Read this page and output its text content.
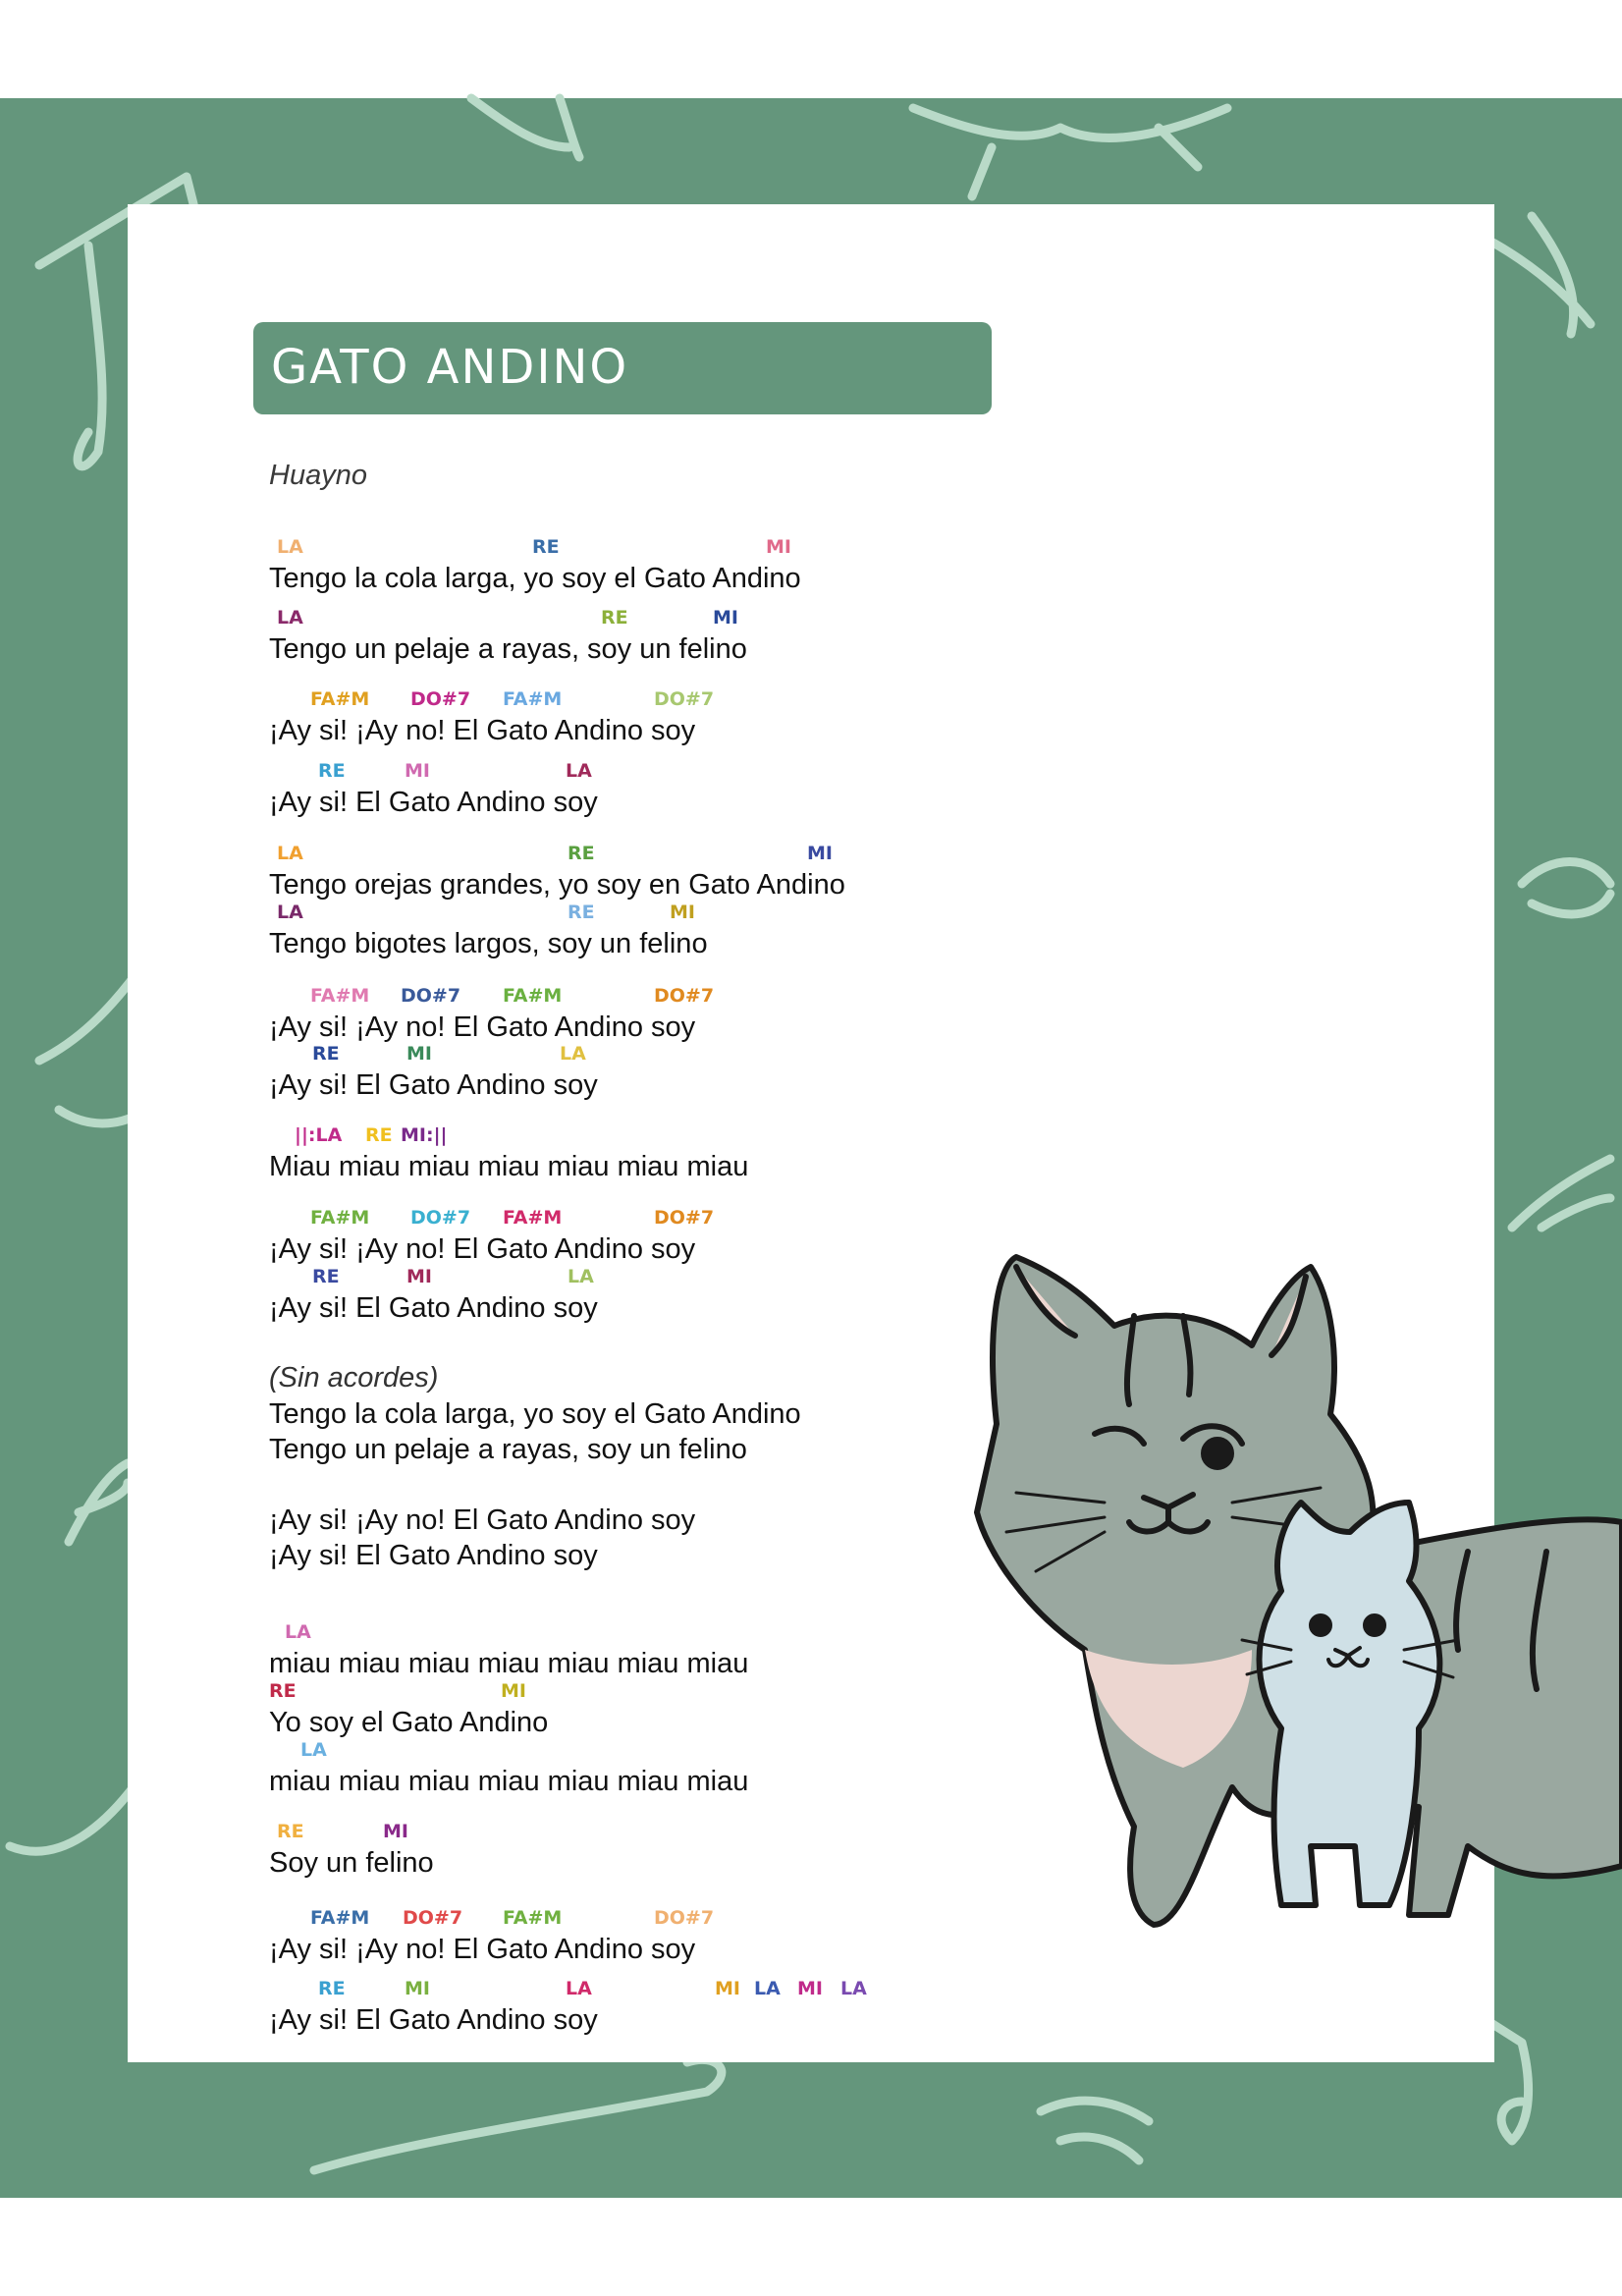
GATO ANDINO
Huayno
Tengo la cola larga, yo soy el Gato Andino
LA	RE	MI
Tengo un pelaje a rayas, soy un felino
LA	RE	MI
¡Ay si! ¡Ay no! El Gato Andino soy
FA#M DO#7 FA#M	DO#7
¡Ay si! El Gato Andino soy
RE	MI	LA
Tengo orejas grandes, yo soy en Gato Andino
LA	RE	MI
Tengo bigotes largos, soy un felino
LA	RE	MI
¡Ay si! ¡Ay no! El Gato Andino soy
FA#M DO#7 FA#M	DO#7
¡Ay si! El Gato Andino soy
RE	MI	LA
Miau miau miau miau miau miau miau
||:LA RE MI:||
¡Ay si! ¡Ay no! El Gato Andino soy
FA#M DO#7 FA#M	DO#7
¡Ay si! El Gato Andino soy
RE	MI	LA
(Sin acordes)
Tengo la cola larga, yo soy el Gato Andino
Tengo un pelaje a rayas, soy un felino
¡Ay si! ¡Ay no! El Gato Andino soy
¡Ay si! El Gato Andino soy
miau miau miau miau miau miau miau
LA
Yo soy el Gato Andino
RE	MI
miau miau miau miau miau miau miau
LA
Soy un felino
RE	MI
¡Ay si! ¡Ay no! El Gato Andino soy
FA#M DO#7 FA#M	DO#7
¡Ay si! El Gato Andino soy
RE	MI	LA	MI LA MI LA
